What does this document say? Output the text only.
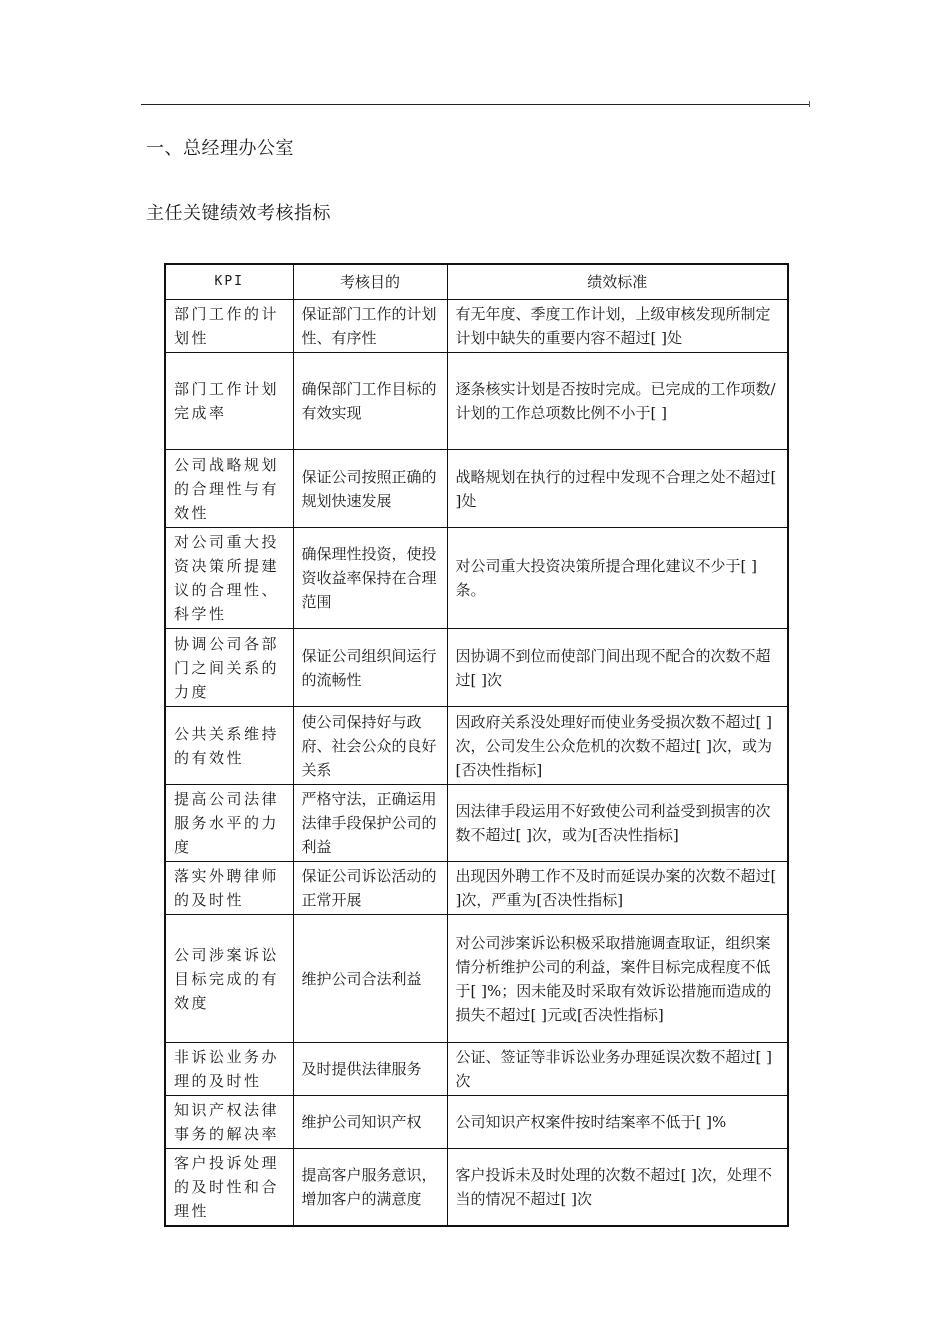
一、总经理办公室
主任关键绩效考核指标
KPI	考核目的	绩效标准
部门工作的计划性	保证部门工作的计划性、有序性	有无年度、季度工作计划，上级审核发现所制定计划中缺失的重要内容不超过[ ]处
部门工作计划完成率	确保部门工作目标的有效实现	逐条核实计划是否按时完成。已完成的工作项数/计划的工作总项数比例不小于[ ]
公司战略规划的合理性与有效性	保证公司按照正确的规划快速发展	战略规划在执行的过程中发现不合理之处不超过[ ]处
对公司重大投资决策所提建议的合理性、科学性	确保理性投资，使投资收益率保持在合理范围	对公司重大投资决策所提合理化建议不少于[ ]条。
协调公司各部门之间关系的力度	保证公司组织间运行的流畅性	因协调不到位而使部门间出现不配合的次数不超过[ ]次
公共关系维持的有效性	使公司保持好与政府、社会公众的良好关系	因政府关系没处理好而使业务受损次数不超过[ ]次，公司发生公众危机的次数不超过[ ]次，或为[否决性指标]
提高公司法律服务水平的力度	严格守法，正确运用法律手段保护公司的利益	因法律手段运用不好致使公司利益受到损害的次数不超过[ ]次，或为[否决性指标]
落实外聘律师的及时性	保证公司诉讼活动的正常开展	出现因外聘工作不及时而延误办案的次数不超过[ ]次，严重为[否决性指标]
公司涉案诉讼目标完成的有效度	维护公司合法利益	对公司涉案诉讼积极采取措施调查取证，组织案情分析维护公司的利益，案件目标完成程度不低于[ ]%；因未能及时采取有效诉讼措施而造成的损失不超过[ ]元或[否决性指标]
非诉讼业务办理的及时性	及时提供法律服务	公证、签证等非诉讼业务办理延误次数不超过[ ]次
知识产权法律事务的解决率	维护公司知识产权	公司知识产权案件按时结案率不低于[ ]%
客户投诉处理的及时性和合理性	提高客户服务意识，增加客户的满意度	客户投诉未及时处理的次数不超过[ ]次，处理不当的情况不超过[ ]次
